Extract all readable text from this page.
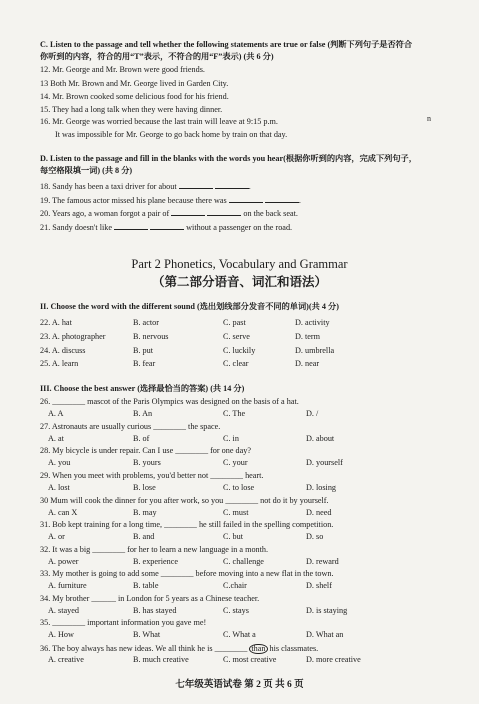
C. Listen to the passage and tell whether the following statements are true or false (判断下列句子是否符合
你听到的内容，符合的用“T”表示，不符合的用“F”表示) (共 6 分)
12. Mr. George and Mr. Brown were good friends.
13 Both Mr. Brown and Mr. George lived in Garden City.
14. Mr. Brown cooked some delicious food for his friend.
15. They had a long talk when they were having dinner.
16. Mr. George was worried because the last train will leave at 9:15 p.m.	n
It was impossible for Mr. George to go back home by train on that day.
D. Listen to the passage and fill in the blanks with the words you hear(根据你听到的内容，完成下列句子，
每空格限填一词) (共 8 分)
18. Sandy has been a taxi driver for about	.
19. The famous actor missed his plane because there was	.
20. Years ago, a woman forgot a pair of	on the back seat.
21. Sandy doesn't like	without a passenger on the road.
Part 2 Phonetics, Vocabulary and Grammar
（第二部分语音、词汇和语法）
II. Choose the word with the different sound (选出划线部分发音不同的单词)(共 4 分)
22. A. hat	B. actor	C. past	D. activity
23. A. photographer	B. nervous	C. serve	D. term
24. A. discuss	B. put	C. luckily	D. umbrella
25. A. learn	B. fear	C. clear	D. near
III. Choose the best answer (选择最恰当的答案) (共 14 分)
26. ________ mascot of the Paris Olympics was designed on the basis of a hat.
A. A	B. An	C. The	D. /
27. Astronauts are usually curious ________ the space.
A. at	B. of	C. in	D. about
28. My bicycle is under repair. Can I use ________ for one day?
A. you	B. yours	C. your	D. yourself
29. When you meet with problems, you'd better not ________ heart.
A. lost	B. lose	C. to lose	D. losing
30 Mum will cook the dinner for you after work, so you ________ not do it by yourself.
A. can X	B. may	C. must	D. need
31. Bob kept training for a long time, ________ he still failed in the spelling competition.
A. or	B. and	C. but	D. so
32. It was a big ________ for her to learn a new language in a month.
A. power	B. experience	C. challenge	D. reward
33. My mother is going to add some ________ before moving into a new flat in the town.
A. furniture	B. table	C.chair	D. shelf
34. My brother ______ in London for 5 years as a Chinese teacher.
A. stayed	B. has stayed	C. stays	D. is staying
35. ________ important information you gave me!
A. How	B. What	C. What a	D. What an
36. The boy always has new ideas. We all think he is ________ than his classmates.
A. creative	B. much creative	C. most creative	D. more creative
七年级英语试卷 第 2 页 共 6 页
